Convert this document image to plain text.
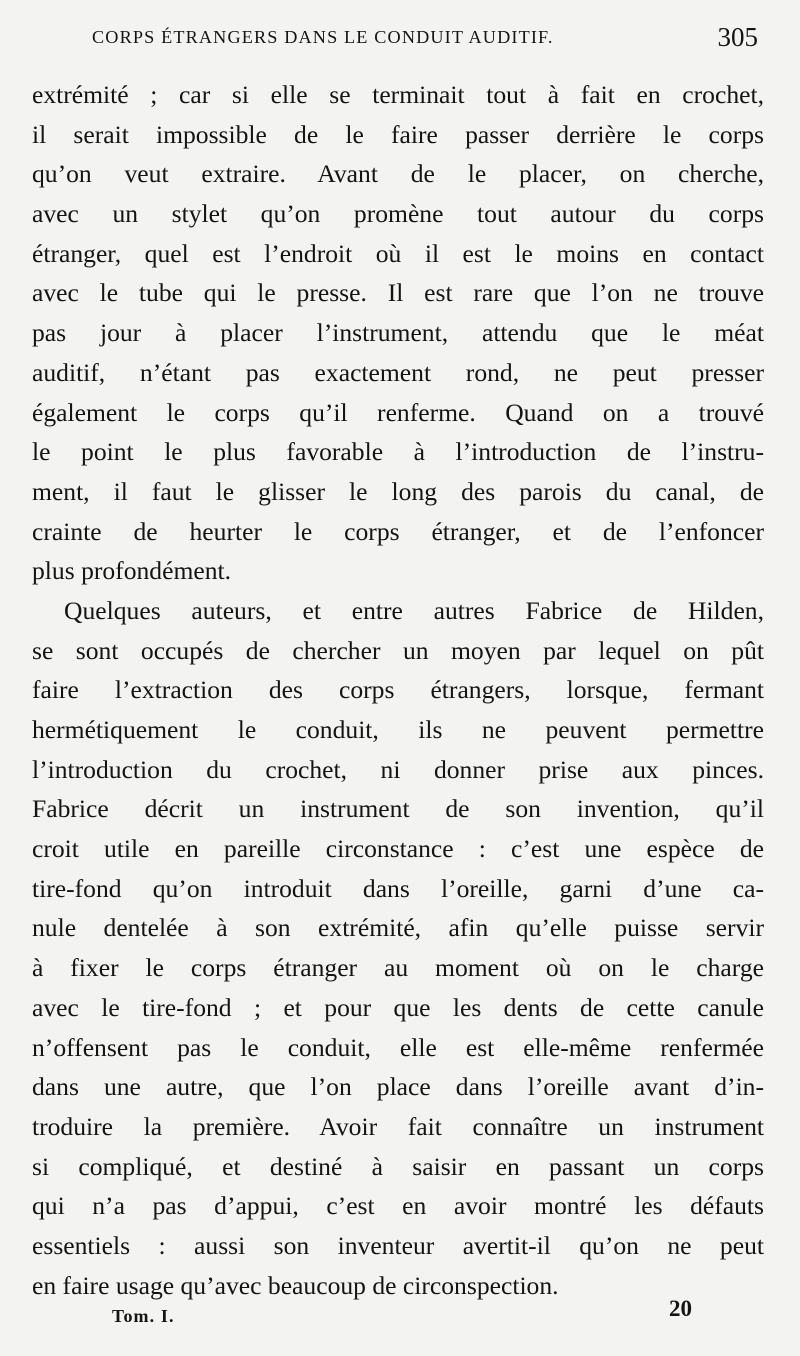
CORPS ÉTRANGERS DANS LE CONDUIT AUDITIF.	305
extrémité ; car si elle se terminait tout à fait en crochet,
il serait impossible de le faire passer derrière le corps
qu’on veut extraire. Avant de le placer, on cherche,
avec un stylet qu’on promène tout autour du corps
étranger, quel est l’endroit où il est le moins en contact
avec le tube qui le presse. Il est rare que l’on ne trouve
pas jour à placer l’instrument, attendu que le méat
auditif, n’étant pas exactement rond, ne peut presser
également le corps qu’il renferme. Quand on a trouvé
le point le plus favorable à l’introduction de l’instru-
ment, il faut le glisser le long des parois du canal, de
crainte de heurter le corps étranger, et de l’enfoncer
plus profondément.
Quelques auteurs, et entre autres Fabrice de Hilden,
se sont occupés de chercher un moyen par lequel on pût
faire l’extraction des corps étrangers, lorsque, fermant
hermétiquement le conduit, ils ne peuvent permettre
l’introduction du crochet, ni donner prise aux pinces.
Fabrice décrit un instrument de son invention, qu’il
croit utile en pareille circonstance : c’est une espèce de
tire-fond qu’on introduit dans l’oreille, garni d’une ca-
nule dentelée à son extrémité, afin qu’elle puisse servir
à fixer le corps étranger au moment où on le charge
avec le tire-fond ; et pour que les dents de cette canule
n’offensent pas le conduit, elle est elle-même renfermée
dans une autre, que l’on place dans l’oreille avant d’in-
troduire la première. Avoir fait connaître un instrument
si compliqué, et destiné à saisir en passant un corps
qui n’a pas d’appui, c’est en avoir montré les défauts
essentiels : aussi son inventeur avertit-il qu’on ne peut
en faire usage qu’avec beaucoup de circonspection.
Tom. I.	20
